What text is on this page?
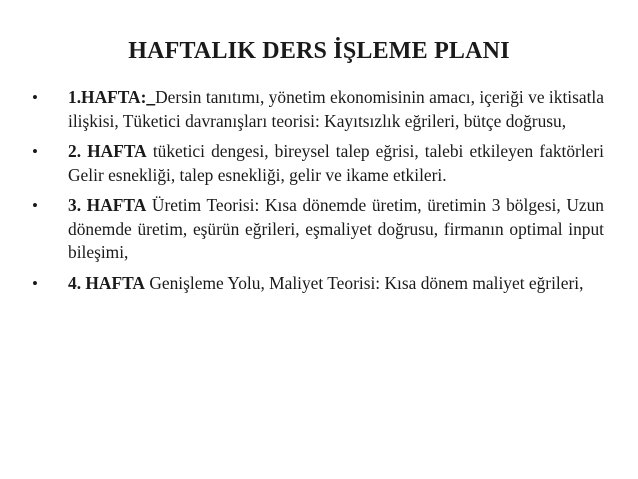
HAFTALIK DERS İŞLEME PLANI
•	1.HAFTA:_Dersin tanıtımı, yönetim ekonomisinin amacı, içeriği ve iktisatla ilişkisi, Tüketici davranışları teorisi: Kayıtsızlık eğrileri, bütçe doğrusu,
•	2. HAFTA tüketici dengesi, bireysel talep eğrisi, talebi etkileyen faktörleri Gelir esnekliği, talep esnekliği, gelir ve ikame etkileri.
•	3. HAFTA Üretim Teorisi: Kısa dönemde üretim, üretimin 3 bölgesi, Uzun dönemde üretim, eşürün eğrileri, eşmaliyet doğrusu, firmanın optimal input bileşimi,
•	4. HAFTA Genişleme Yolu, Maliyet Teorisi: Kısa dönem maliyet eğrileri,
